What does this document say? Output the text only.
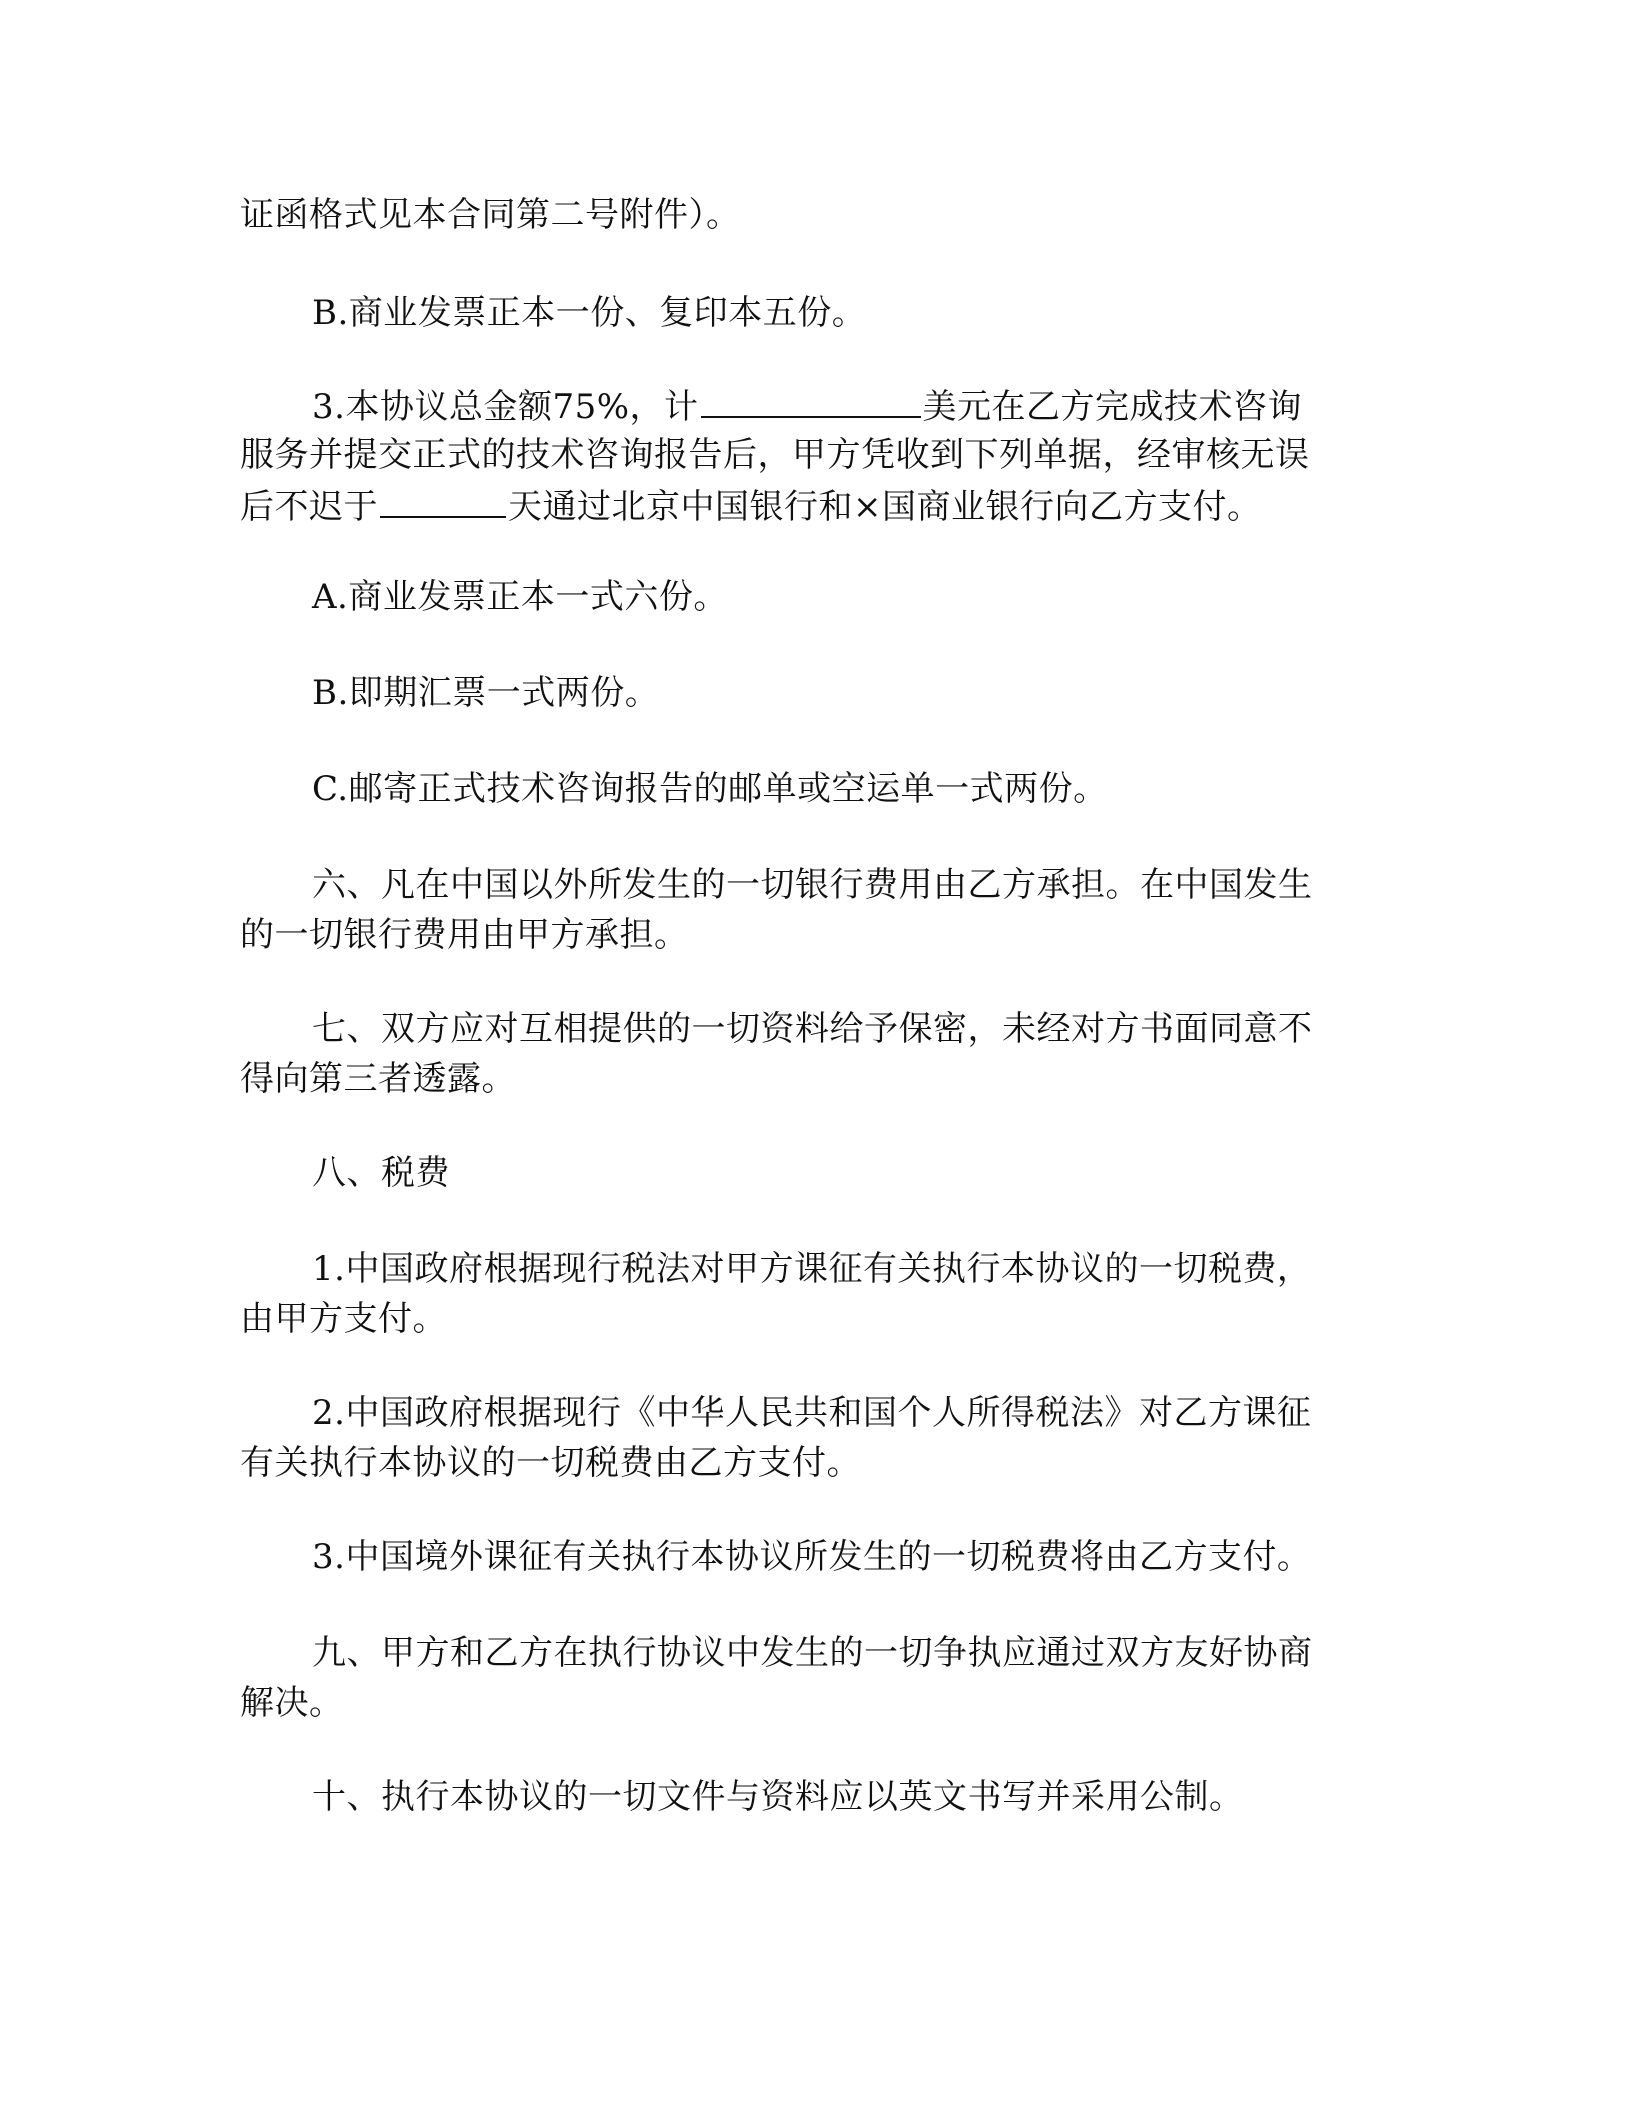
证函格式见本合同第二号附件）。

B.商业发票正本一份、复印本五份。

3.本协议总金额75%，计	美元在乙方完成技术咨询
服务并提交正式的技术咨询报告后，甲方凭收到下列单据，经审核无误
后不迟于	天通过北京中国银行和×国商业银行向乙方支付。

A.商业发票正本一式六份。

B.即期汇票一式两份。

C.邮寄正式技术咨询报告的邮单或空运单一式两份。

六、凡在中国以外所发生的一切银行费用由乙方承担。在中国发生
的一切银行费用由甲方承担。

七、双方应对互相提供的一切资料给予保密，未经对方书面同意不
得向第三者透露。

八、税费

1.中国政府根据现行税法对甲方课征有关执行本协议的一切税费，
由甲方支付。

2.中国政府根据现行《中华人民共和国个人所得税法》对乙方课征
有关执行本协议的一切税费由乙方支付。

3.中国境外课征有关执行本协议所发生的一切税费将由乙方支付。

九、甲方和乙方在执行协议中发生的一切争执应通过双方友好协商
解决。

十、执行本协议的一切文件与资料应以英文书写并采用公制。
